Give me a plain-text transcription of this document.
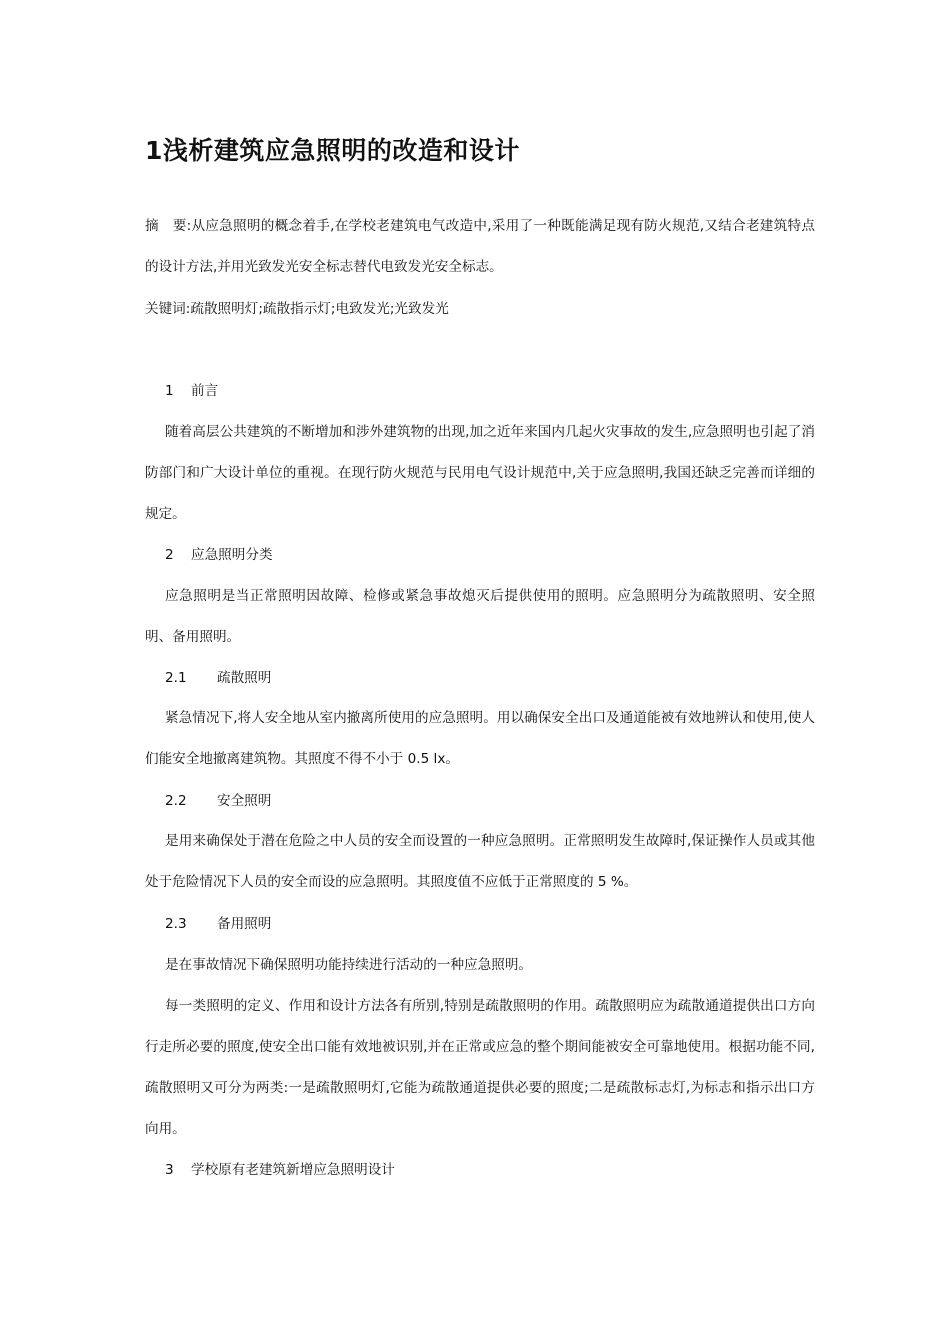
1浅析建筑应急照明的改造和设计

摘　要:从应急照明的概念着手,在学校老建筑电气改造中,采用了一种既能满足现有防火规范,又结合老建筑特点的设计方法,并用光致发光安全标志替代电致发光安全标志。

关键词:疏散照明灯;疏散指示灯;电致发光;光致发光

1 前言

随着高层公共建筑的不断增加和涉外建筑物的出现,加之近年来国内几起火灾事故的发生,应急照明也引起了消防部门和广大设计单位的重视。在现行防火规范与民用电气设计规范中,关于应急照明,我国还缺乏完善而详细的规定。

2 应急照明分类

应急照明是当正常照明因故障、检修或紧急事故熄灭后提供使用的照明。应急照明分为疏散照明、安全照明、备用照明。

2.1 疏散照明

紧急情况下,将人安全地从室内撤离所使用的应急照明。用以确保安全出口及通道能被有效地辨认和使用,使人们能安全地撤离建筑物。其照度不得不小于 0.5 lx。

2.2 安全照明

是用来确保处于潜在危险之中人员的安全而设置的一种应急照明。正常照明发生故障时,保证操作人员或其他处于危险情况下人员的安全而设的应急照明。其照度值不应低于正常照度的 5 %。

2.3 备用照明

是在事故情况下确保照明功能持续进行活动的一种应急照明。

每一类照明的定义、作用和设计方法各有所别,特别是疏散照明的作用。疏散照明应为疏散通道提供出口方向行走所必要的照度,使安全出口能有效地被识别,并在正常或应急的整个期间能被安全可靠地使用。根据功能不同,疏散照明又可分为两类:一是疏散照明灯,它能为疏散通道提供必要的照度;二是疏散标志灯,为标志和指示出口方向用。

3 学校原有老建筑新增应急照明设计
